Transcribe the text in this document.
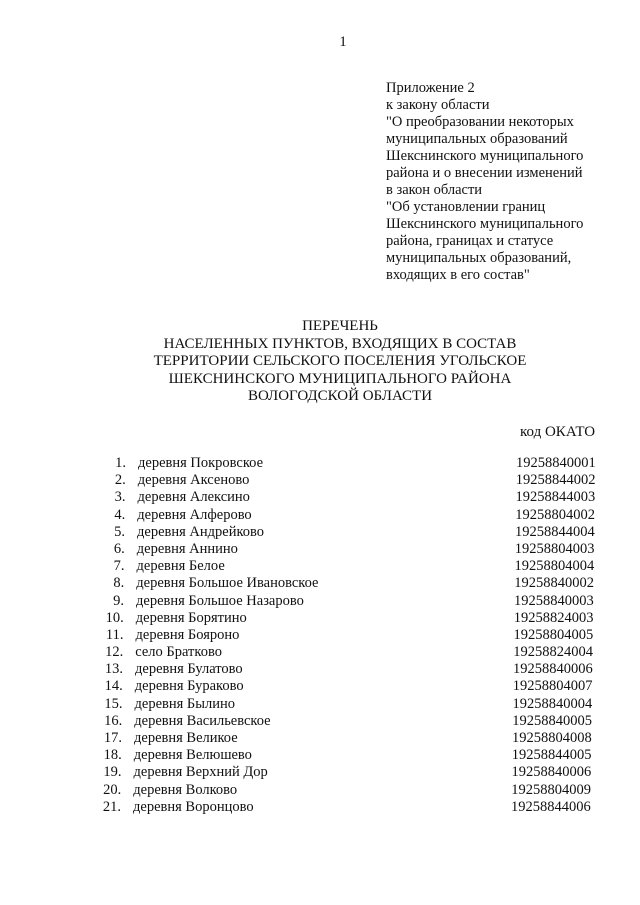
1
Приложение 2
к закону области
"О преобразовании некоторых
муниципальных образований
Шекснинского муниципального
района и о внесении изменений
в закон области
"Об установлении границ
Шекснинского муниципального
района, границах и статусе
муниципальных образований,
входящих в его состав"
ПЕРЕЧЕНЬ
НАСЕЛЕННЫХ ПУНКТОВ, ВХОДЯЩИХ В СОСТАВ
ТЕРРИТОРИИ СЕЛЬСКОГО ПОСЕЛЕНИЯ УГОЛЬСКОЕ
ШЕКСНИНСКОГО МУНИЦИПАЛЬНОГО РАЙОНА
ВОЛОГОДСКОЙ ОБЛАСТИ
код ОКАТО
1. деревня Покровское	19258840001
2. деревня Аксеново	19258844002
3. деревня Алексино	19258844003
4. деревня Алферово	19258804002
5. деревня Андрейково	19258844004
6. деревня Аннино	19258804003
7. деревня Белое	19258804004
8. деревня Большое Ивановское	19258840002
9. деревня Большое Назарово	19258840003
10. деревня Борятино	19258824003
11. деревня Бояроно	19258804005
12. село Братково	19258824004
13. деревня Булатово	19258840006
14. деревня Бураково	19258804007
15. деревня Былино	19258840004
16. деревня Васильевское	19258840005
17. деревня Великое	19258804008
18. деревня Велюшево	19258844005
19. деревня Верхний Дор	19258840006
20. деревня Волково	19258804009
21. деревня Воронцово	19258844006
